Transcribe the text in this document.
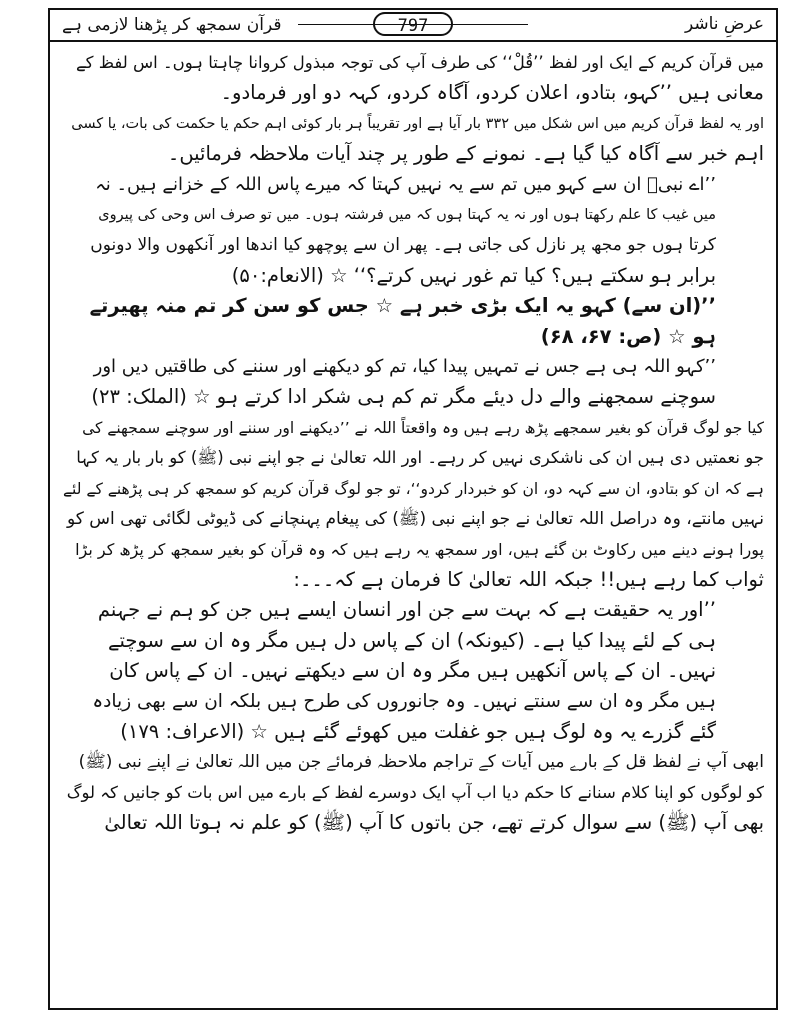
عرضِ ناشر
797
قرآن سمجھ کر پڑھنا لازمی ہے
میں قرآن کریم کے ایک اور لفظ ’’قُلْ‘‘ کی طرف آپ کی توجہ مبذول کروانا چاہتا ہوں۔ اس لفظ کے
معانی ہیں ’’کہو، بتادو، اعلان کردو، آگاہ کردو، کہہ دو اور فرمادو۔
اور یہ لفظ قرآن کریم میں اس شکل میں ۳۳۲ بار آیا ہے اور تقریباً ہر بار کوئی اہم حکم یا حکمت کی بات، یا کسی
اہم خبر سے آگاہ کیا گیا ہے۔ نمونے کے طور پر چند آیات ملاحظہ فرمائیں۔
’’اے نبیؐ ان سے کہو میں تم سے یہ نہیں کہتا کہ میرے پاس اللہ کے خزانے ہیں۔ نہ
میں غیب کا علم رکھتا ہوں اور نہ یہ کہتا ہوں کہ میں فرشتہ ہوں۔ میں تو صرف اس وحی کی پیروی
کرتا ہوں جو مجھ پر نازل کی جاتی ہے۔ پھر ان سے پوچھو کیا اندھا اور آنکھوں والا دونوں
برابر ہو سکتے ہیں؟ کیا تم غور نہیں کرتے؟‘‘ ☆ (الانعام:۵۰)
’’(ان سے) کہو یہ ایک بڑی خبر ہے ☆ جس کو سن کر تم منہ پھیرتے
ہو ☆ (ص: ۶۷، ۶۸)
’’کہو اللہ ہی ہے جس نے تمہیں پیدا کیا، تم کو دیکھنے اور سننے کی طاقتیں دیں اور
سوچنے سمجھنے والے دل دیئے مگر تم کم ہی شکر ادا کرتے ہو ☆ (الملک: ۲۳)
کیا جو لوگ قرآن کو بغیر سمجھے پڑھ رہے ہیں وہ واقعتاً اللہ نے ’’دیکھنے اور سننے اور سوچنے سمجھنے کی
جو نعمتیں دی ہیں ان کی ناشکری نہیں کر رہے۔ اور اللہ تعالیٰ نے جو اپنے نبی (ﷺ) کو بار بار یہ کہا
ہے کہ ان کو بتادو، ان سے کہہ دو، ان کو خبردار کردو‘‘، تو جو لوگ قرآن کریم کو سمجھ کر ہی پڑھنے کے لئے
نہیں مانتے، وہ دراصل اللہ تعالیٰ نے جو اپنے نبی (ﷺ) کی پیغام پہنچانے کی ڈیوٹی لگائی تھی اس کو
پورا ہونے دینے میں رکاوٹ بن گئے ہیں، اور سمجھ یہ رہے ہیں کہ وہ قرآن کو بغیر سمجھ کر پڑھ کر بڑا
ثواب کما رہے ہیں!! جبکہ اللہ تعالیٰ کا فرمان ہے کہ۔۔۔:
’’اور یہ حقیقت ہے کہ بہت سے جن اور انسان ایسے ہیں جن کو ہم نے جہنم
ہی کے لئے پیدا کیا ہے۔ (کیونکہ) ان کے پاس دل ہیں مگر وہ ان سے سوچتے
نہیں۔ ان کے پاس آنکھیں ہیں مگر وہ ان سے دیکھتے نہیں۔ ان کے پاس کان
ہیں مگر وہ ان سے سنتے نہیں۔ وہ جانوروں کی طرح ہیں بلکہ ان سے بھی زیادہ
گئے گزرے یہ وہ لوگ ہیں جو غفلت میں کھوئے گئے ہیں ☆ (الاعراف: ۱۷۹)
ابھی آپ نے لفظ قل کے بارے میں آیات کے تراجم ملاحظہ فرمائے جن میں اللہ تعالیٰ نے اپنے نبی (ﷺ)
کو لوگوں کو اپنا کلام سنانے کا حکم دیا اب آپ ایک دوسرے لفظ کے بارے میں اس بات کو جانیں کہ لوگ
بھی آپ (ﷺ) سے سوال کرتے تھے، جن باتوں کا آپ (ﷺ) کو علم نہ ہوتا اللہ تعالیٰ
